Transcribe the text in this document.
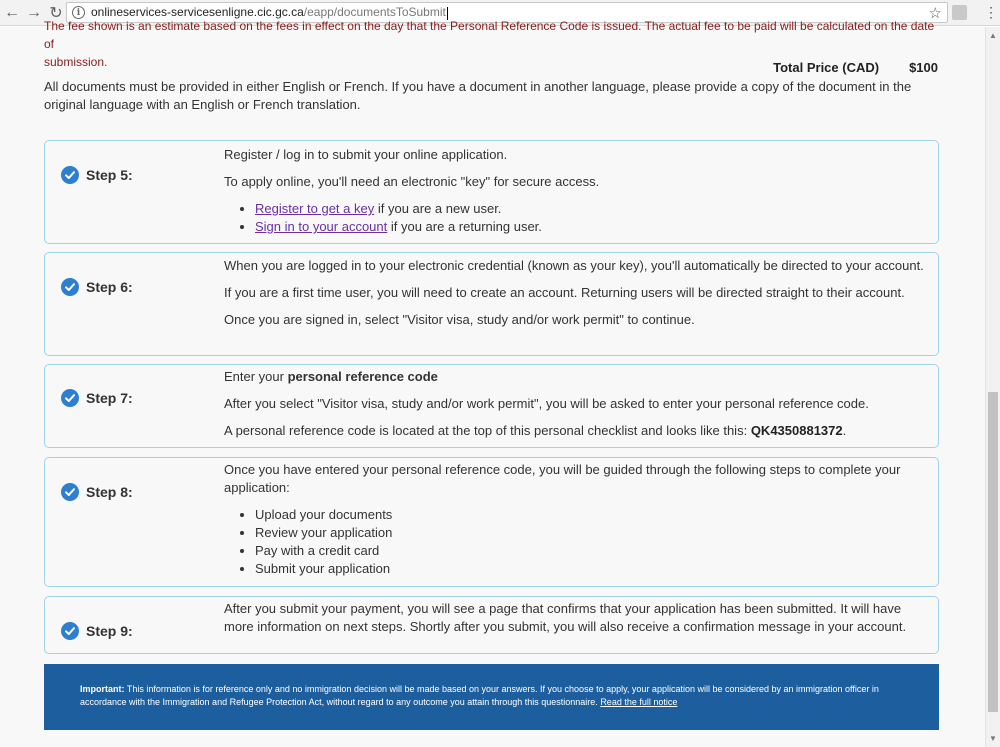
← → ↻	i onlineservices-servicesenligne.cic.gc.ca/eapp/documentsToSubmit	☆	⋮
The fee shown is an estimate based on the fees in effect on the day that the Personal Reference Code is issued. The actual fee to be paid will be calculated on the date of
submission.	Total Price (CAD) $100
All documents must be provided in either English or French. If you have a document in another language, please provide a copy of the document in the original language with an English or French translation.
Step 5:

Register / log in to submit your online application.

To apply online, you'll need an electronic "key" for secure access.

• Register to get a key if you are a new user.
• Sign in to your account if you are a returning user.
Step 6:

When you are logged in to your electronic credential (known as your key), you'll automatically be directed to your account.

If you are a first time user, you will need to create an account. Returning users will be directed straight to their account.

Once you are signed in, select "Visitor visa, study and/or work permit" to continue.

Step 7:

Enter your personal reference code

After you select "Visitor visa, study and/or work permit", you will be asked to enter your personal reference code.

A personal reference code is located at the top of this personal checklist and looks like this: QK4350881372.

Step 8:

Once you have entered your personal reference code, you will be guided through the following steps to complete your application:

• Upload your documents
• Review your application
• Pay with a credit card
• Submit your application
Step 9:

After you submit your payment, you will see a page that confirms that your application has been submitted. It will have more information on next steps. Shortly after you submit, you will also receive a confirmation message in your account.

Important: This information is for reference only and no immigration decision will be made based on your answers. If you choose to apply, your application will be considered by an immigration officer in accordance with the Immigration and Refugee Protection Act, without regard to any outcome you attain through this questionnaire. Read the full notice
▲
▼
